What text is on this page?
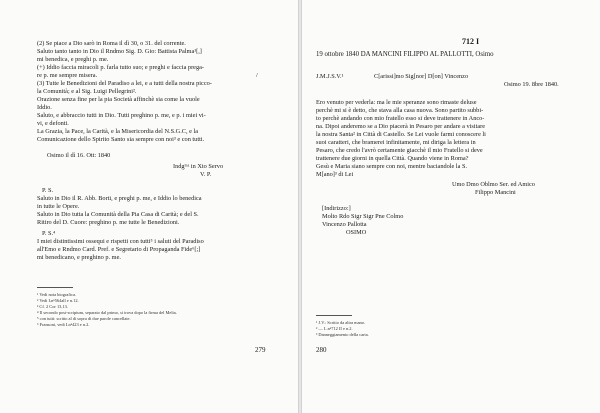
(2) Se piace a Dio sarò in Roma il dì 30, o 31. del corrente.
Saluto tanto tanto in Dio il Rndmo Sig. D. Gio: Battista Palma¹[,]
mi benedica, e preghi p. me.
(+) Iddio faccia miracoli p. farla tutto suo; e preghi e faccia prega-
re p. me sempre misera.	/
(3) Tutte le Benedizioni del Paradiso a lei, e a tutti della nostra picco-
la Comunità; e al Sig. Luigi Pellegrini².
Orazione senza fine per la pia Società affinchè sia come la vuole
Iddio.
Saluto, e abbraccio tutti in Dio. Tutti preghino p. me, e p. i miei vi-
vi, e defonti.
La Grazia, la Pace, la Carità, e la Misericordia del N.S.G.C, e la
Comunicazione dello Spirito Santo sia sempre con noi³ e con tutti.
Osimo il dì 16. Ott: 1840
Indgᵐᵃ in Xto Servo
V. P.
P. S.
Saluto in Dio il R. Abb. Borti, e preghi p. me, e Iddio lo benedica
in tutte le Opere.
Saluto in Dio tutta la Comunità della Pia Casa di Carità; e del S.
Ritiro del D. Cuore: preghino p. me tutte le Benedizioni.
P. S.⁴
I miei distintissimi ossequi e rispetti con tutti⁵ i saluti del Paradiso
all'Emo e Rndmo Card. Pref. e Segretario di Propaganda Fide⁶[;]
mi benedicano, e preghino p. me.
¹ Vedi nota biografica.
² Vedi Lnⁿ564all e n.12.
³ Cf. 2 Cor 13,13.
⁴ Il secondo post-scriptum, separato dal primo, si trova dopo la firma del Melia.
⁵ con tutti: scritto al di sopra di due parole cancellate.
⁶ Fransoni, vedi Lnⁿ423 e n.2.
279
712 I
19 ottobre 1840 DA MANCINI FILIPPO AL PALLOTTI, Osimo
J.M.J.S.V.¹	C[arissi]mo Sig[nor] D[on] Vincenzo
Osimo 19. 8bre 1840.
Ero venuto per vederla: ma le mie speranze sono rimaste deluse
perchè mi si è detto, che stava alla casa nuova. Sono partito subbi-
to perchè andando con mio fratello esso si deve trattenere in Anco-
na. Dipoi anderemo se a Dio piacerà in Pesaro per andare a visitare
la nostra Santa² in Città di Castello. Se Lei vuole farmi conoscere li
suoi caratteri, che bramerei infinitamente, mi diriga la lettera in
Pesaro, che credo l'avrò certamente giacchè il mio Fratello si deve
trattenere due giorni in quella Città. Quando viene in Roma?
Gesù e Maria siano sempre con noi, mentre baciandole la S.
M[ano]³ di Lei
Umo Dmo Oblmo Ser. ed Amico
Filippo Mancini
[Indirizzo:]
Molto Rdo Sigr Sigr Pne Colmo
Vincenzo Pallotta
OSIMO
¹ J.V.: Scritto da altra mano.
² — L.nⁿ712 II e n.2.
³ Danneggiamento della carta.
280
